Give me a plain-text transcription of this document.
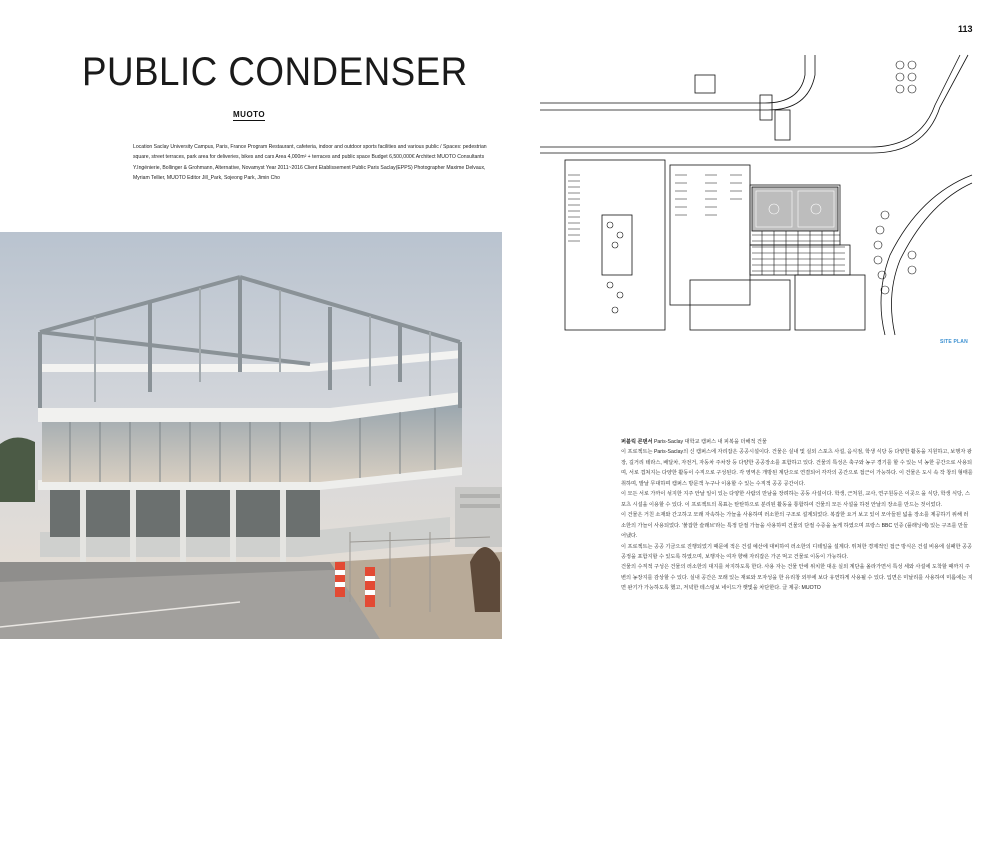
PUBLIC CONDENSER
MUOTO
Location Saclay University Campus, Paris, France Program Restaurant, cafeteria, indoor and outdoor sports facilities and various public / Spaces: pedestrian square, street terraces, park area for deliveries, bikes and cars Area 4,000m² + terraces and public space Budget 6,500,000€ Architect MUOTO Consultants Y.Ingénierie, Bollinger & Grohmann, Alternative, Novamyst Year 2011~2016 Client Etablissement Public Paris Saclay(EPPS) Photographer Maxime Delvaux, Myriam Tellier, MUOTO Editor Jill_Park, Sojeong Park, Jimin Cho
©Maxime Delvaux
113
SITE PLAN
퍼블릭 콘덴서 Paris-Saclay 대학교 캠퍼스 내 피복을 더해적 건물

이 프로젝트는 Paris-Saclay의 신 캠퍼스에 자리잡은 공공시설이다. 건물은 실내 및 실외 스포츠 사설, 음식점, 학생 식당 등 다양한 활동을 지원하고, 보행자 광장, 길거리 테라스, 배달차, 자전거, 자동차 주차장 등 다양한 공공장소를 포함하고 있다. 건물의 특성은 축구와 농구 경기를 할 수 있는 넉 농한 공간으로 사용되며, 서로 겹쳐지는 다양한 활동이 수직으로 구성된다. 각 영역은 개방된 계단으로 연결되어 각각의 공간으로 접근이 가능하다. 이 건물은 도시 속 작 창의 형태를 취하며, 발날 무대하며 캠퍼스 방문객 누구나 이용할 수 있는 수직적 공공 공간이다.

이 모든 서로 가까이 섞지한 지주 안날 일이 있는 다양한 사람의 만남을 장려하는 공동 사설이다. 학생, 근처원, 교사, 연구원등은 이곳으 을 식당, 학생 식당, 스포츠 시설을 이용할 수 있다. 이 프로젝트의 목표는 탄탄하으로 분리된 활동을 통합하여 건물의 모든 사설을 하전 안날의 장소를 만드는 것이었다.

이 건물은 거친 소재와 간고하고 모래 자속하는 가늘을 사용하며 러소한의 구조로 설계되었다. 복잡한 요거 보고 있이 모아들된 넓을 장소를 제공하기 위해 러소한의 가늘이 사용되었다. '붉잡한 슬래브'라는 특정 단절 가늘을 사용하며 건물의 단절 수증을 높게 하였으며 프랑스 BBC 인증 (플래닝에) 있는 구조를 만들어냈다.

이 프로젝트는 공공 기금으로 진행되었기 때문에 적은 건설 예산에 대비하여 러소한의 디테일을 설계다. 뛰쳐한 경제적인 접근 방식은 건설 비용에 실패한 공공공정을 포함지할 수 있도록 하였으며, 보행자는 여자 향해 자리잡은 가곤 먹고 건물로 이동이 가능하다.

건물의 수직적 구성은 건물의 러소한의 대지를 차지하도록 한다. 사용 자는 건물 안에 위치한 대운 실외 계단을 올라가면서 특성 세와 사설에 도착할 때까지 주변의 농장지를 감상할 수 있다. 실내 공간은 모래 있는 재료와 모자성을 한 유리창 외부에 보다 유연하게 사용될 수 있다. 입면은 미날리를 사용하여 미롭에는 지면 완기가 가능하도록 했고, 저녁한 테스팅보 네이드가 햇빛을 차단한다. 글 제공: MUOTO
